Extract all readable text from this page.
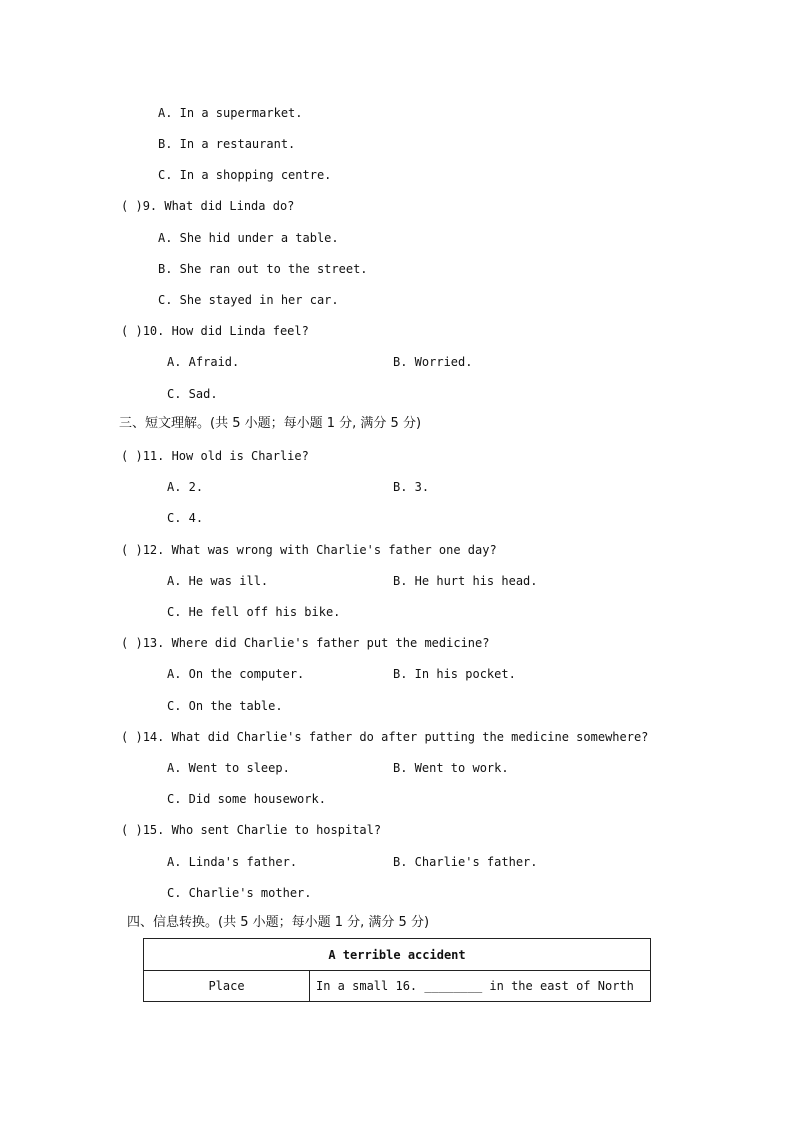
A. In a supermarket.
B. In a restaurant.
C. In a shopping centre.
( )9. What did Linda do?
A. She hid under a table.
B. She ran out to the street.
C. She stayed in her car.
( )10. How did Linda feel?
A. Afraid.	B. Worried.
C. Sad.
三、短文理解。(共 5 小题；每小题 1 分, 满分 5 分)
( )11. How old is Charlie?
A. 2.	B. 3.
C. 4.
( )12. What was wrong with Charlie's father one day?
A. He was ill.	B. He hurt his head.
C. He fell off his bike.
( )13. Where did Charlie's father put the medicine?
A. On the computer.	B. In his pocket.
C. On the table.
( )14. What did Charlie's father do after putting the medicine somewhere?
A. Went to sleep.	B. Went to work.
C. Did some housework.
( )15. Who sent Charlie to hospital?
A. Linda's father.	B. Charlie's father.
C. Charlie's mother.
四、信息转换。(共 5 小题；每小题 1 分, 满分 5 分)
A terrible accident
Place	In a small 16. ________ in the east of North
